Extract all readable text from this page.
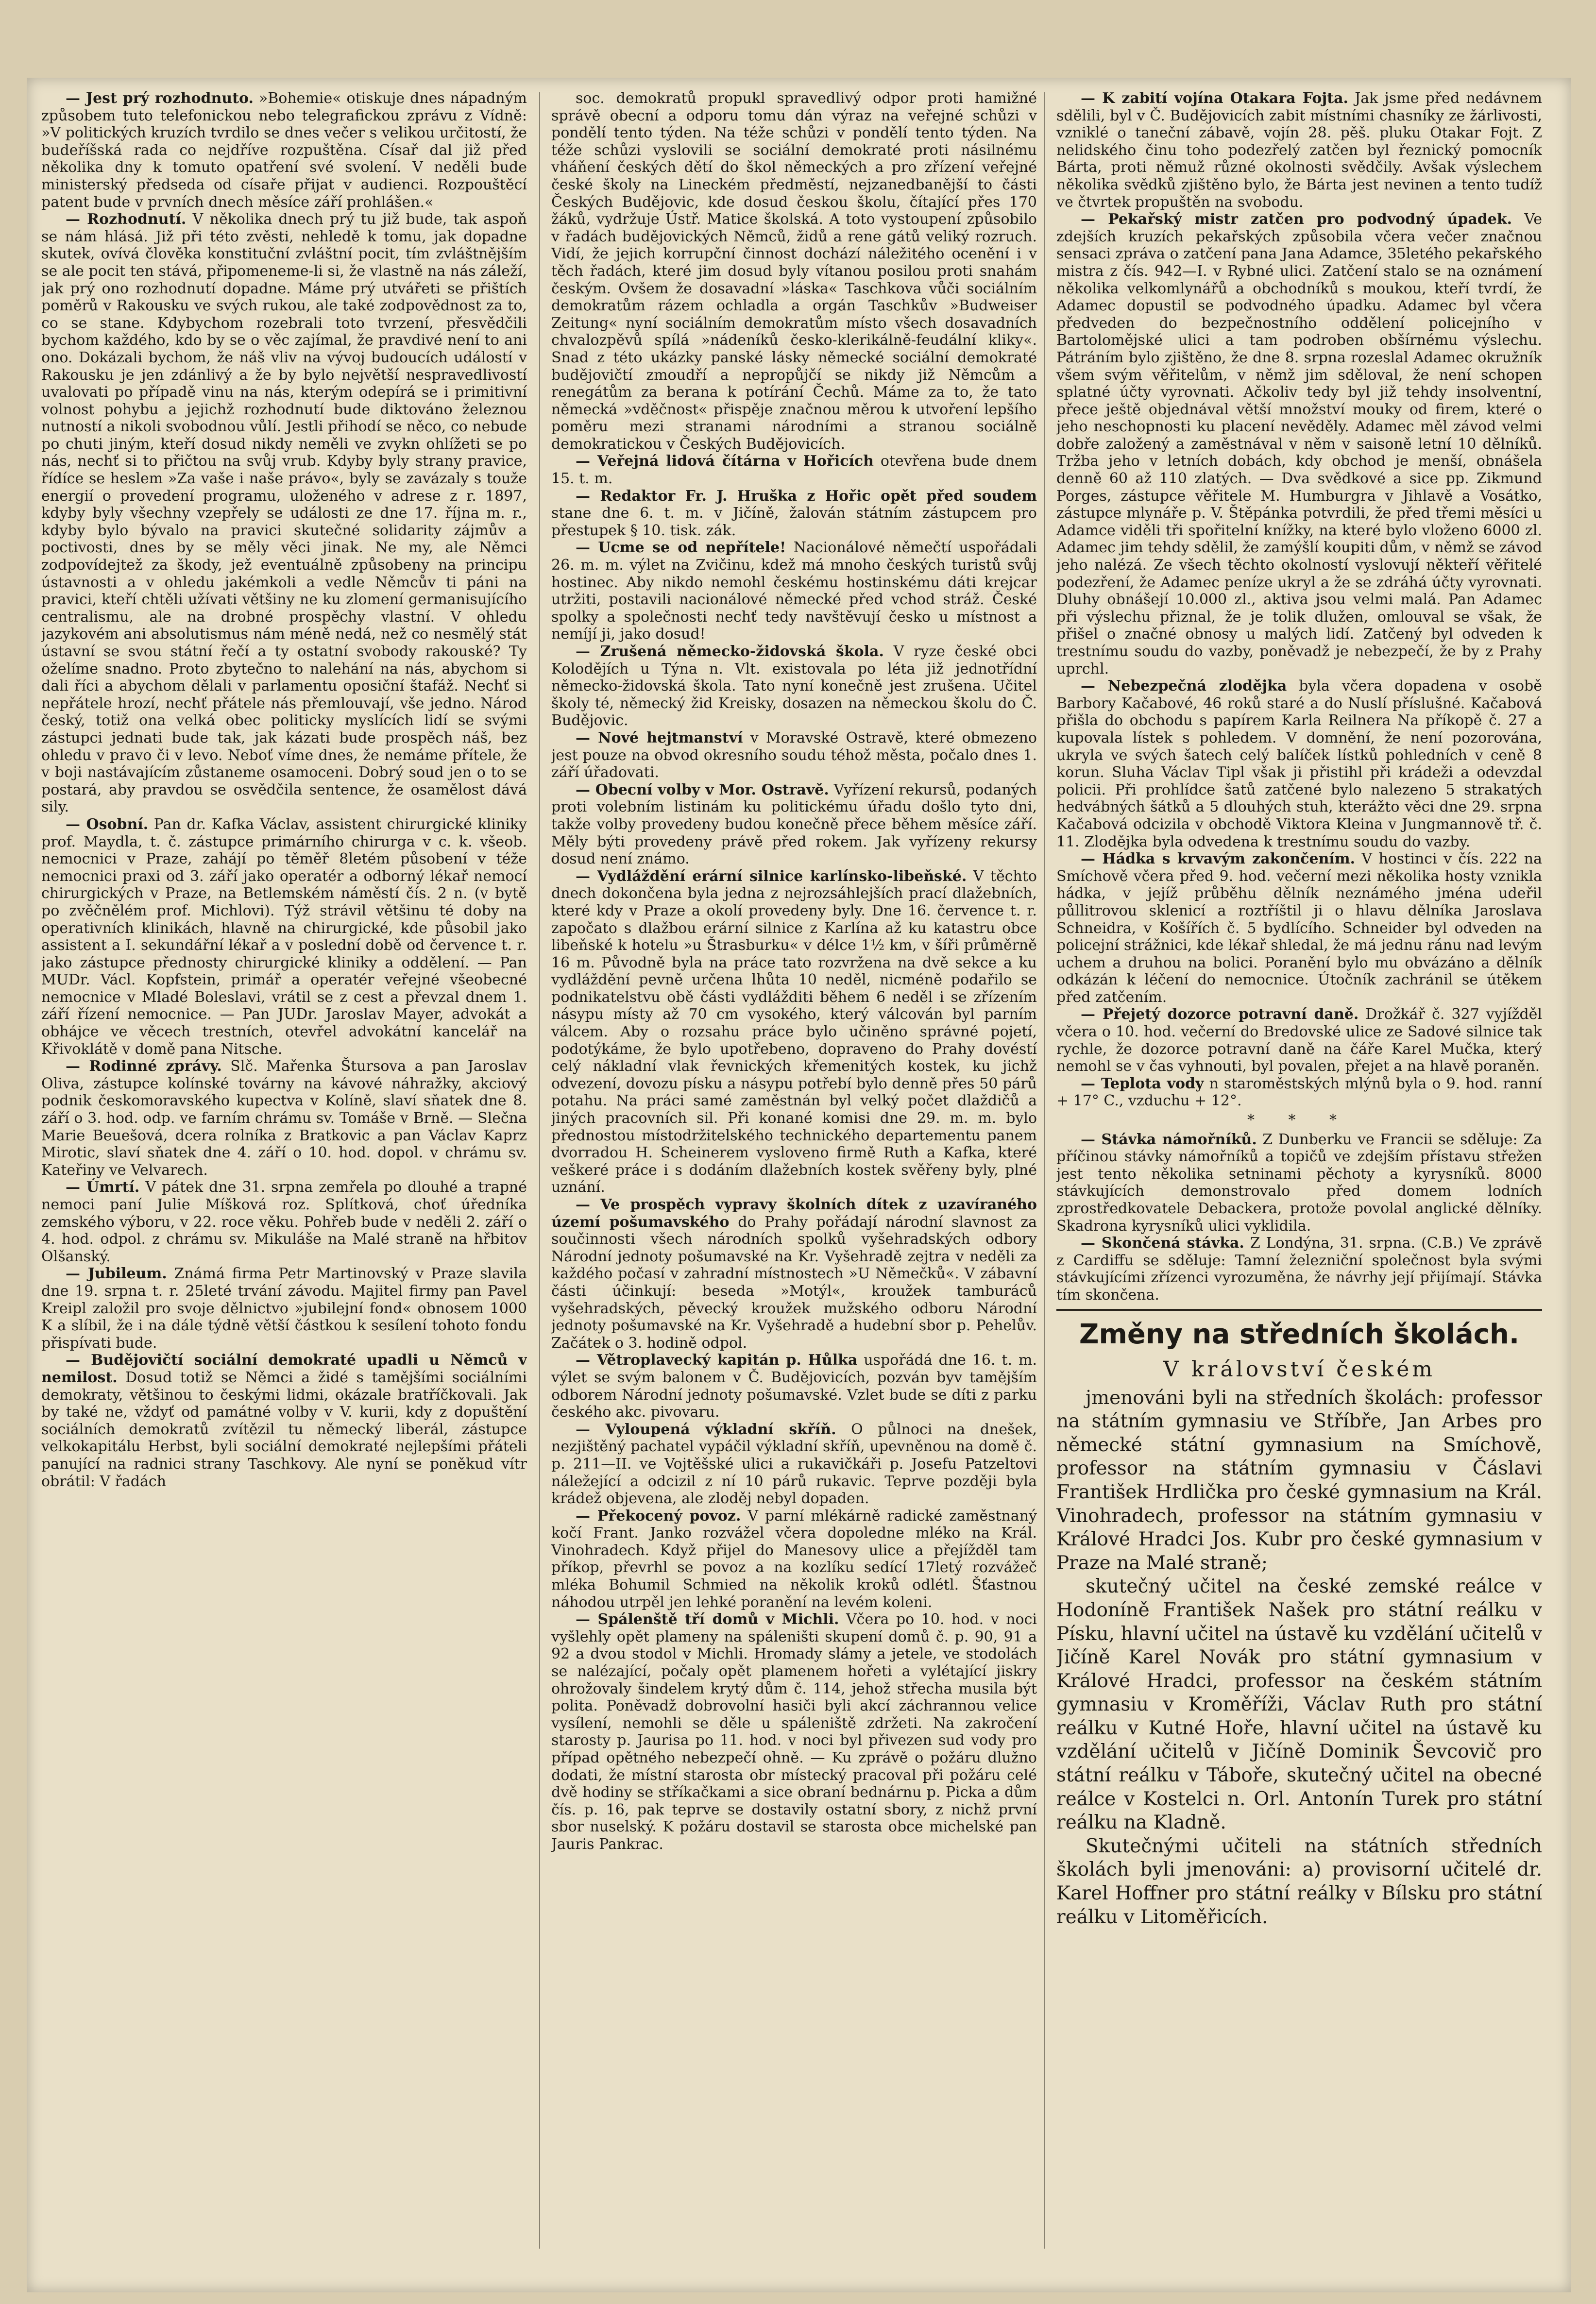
— Jest prý rozhodnuto. »Bohemie« otiskuje dnes nápadným způsobem tuto telefonickou nebo telegrafickou zprávu z Vídně: »V politických kruzích tvrdilo se dnes večer s velikou určitostí, že budeříšská rada co nejdříve rozpuštěna. Císař dal již před několika dny k tomuto opatření své svolení. V neděli bude ministerský předseda od císaře přijat v audienci. Rozpouštěcí patent bude v prvních dnech měsíce září prohlášen.«

— Rozhodnutí. V několika dnech prý tu již bude, tak aspoň se nám hlásá. Již při této zvěsti, nehledě k tomu, jak dopadne skutek, ovívá člověka konstituční zvláštní pocit, tím zvláštnějším se ale pocit ten stává, připomeneme-li si, že vlastně na nás záleží, jak prý ono rozhodnutí dopadne. Máme prý utvářeti se přištích poměrů v Rakousku ve svých rukou, ale také zodpovědnost za to, co se stane. Kdybychom rozebrali toto tvrzení, přesvědčili bychom každého, kdo by se o věc zajímal, že pravdivé není to ani ono. Dokázali bychom, že náš vliv na vývoj budoucích událostí v Rakousku je jen zdánlivý a že by bylo největší nespravedlivostí uvalovati po případě vinu na nás, kterým odepírá se i primitivní volnost pohybu a jejichž rozhodnutí bude diktováno železnou nutností a nikoli svobodnou vůlí. Jestli přihodí se něco, co nebude po chuti jiným, kteří dosud nikdy neměli ve zvykn ohlížeti se po nás, nechť si to přičtou na svůj vrub. Kdyby byly strany pravice, řídíce se heslem »Za vaše i naše právo«, byly se zavázaly s touže energií o provedení programu, uloženého v adrese z r. 1897, kdyby byly všechny vzepřely se události ze dne 17. října m. r., kdyby bylo bývalo na pravici skutečné solidarity zájmův a poctivosti, dnes by se měly věci jinak. Ne my, ale Němci zodpovídejtež za škody, jež eventuálně způsobeny na principu ústavnosti a v ohledu jakémkoli a vedle Němcův ti páni na pravici, kteří chtěli užívati většiny ne ku zlomení germanisujícího centralismu, ale na drobné prospěchy vlastní. V ohledu jazykovém ani absolutismus nám méně nedá, než co nesmělý stát ústavní se svou státní řečí a ty ostatní svobody rakouské? Ty oželíme snadno. Proto zbytečno to nalehání na nás, abychom si dali říci a abychom dělali v parlamentu oposiční štafáž. Nechť si nepřátele hrozí, nechť přátele nás přemlouvají, vše jedno. Národ český, totiž ona velká obec politicky myslících lidí se svými zástupci jednati bude tak, jak kázati bude prospěch náš, bez ohledu v pravo či v levo. Neboť víme dnes, že nemáme přítele, že v boji nastávajícím zůstaneme osamoceni. Dobrý soud jen o to se postará, aby pravdou se osvědčila sentence, že osamělost dává sily.

— Osobní. Pan dr. Kafka Václav, assistent chirurgické kliniky prof. Maydla, t. č. zástupce primárního chirurga v c. k. všeob. nemocnici v Praze, zahájí po těměř 8letém působení v téže nemocnici praxi od 3. září jako operatér a odborný lékař nemocí chirurgických v Praze, na Betlemském náměstí čís. 2 n. (v bytě po zvěčnělém prof. Michlovi). Týž strávil většinu té doby na operativních klinikách, hlavně na chirurgické, kde působil jako assistent a I. sekundářní lékař a v poslední době od července t. r. jako zástupce přednosty chirurgické kliniky a oddělení. — Pan MUDr. Václ. Kopfstein, primář a operatér veřejné všeobecné nemocnice v Mladé Boleslavi, vrátil se z cest a převzal dnem 1. září řízení nemocnice. — Pan JUDr. Jaroslav Mayer, advokát a obhájce ve věcech trestních, otevřel advokátní kancelář na Křivoklátě v domě pana Nitsche.

— Rodinné zprávy. Slč. Mařenka Štursova a pan Jaroslav Oliva, zástupce kolínské továrny na kávové náhražky, akciový podnik českomoravského kupectva v Kolíně, slaví sňatek dne 8. září o 3. hod. odp. ve farním chrámu sv. Tomáše v Brně. — Slečna Marie Beuešová, dcera rolníka z Bratkovic a pan Václav Kaprz Mirotic, slaví sňatek dne 4. září o 10. hod. dopol. v chrámu sv. Kateřiny ve Velvarech.

— Úmrtí. V pátek dne 31. srpna zemřela po dlouhé a trapné nemoci paní Julie Míšková roz. Splítková, choť úředníka zemského výboru, v 22. roce věku. Pohřeb bude v neděli 2. září o 4. hod. odpol. z chrámu sv. Mikuláše na Malé straně na hřbitov Olšanský.

— Jubileum. Známá firma Petr Martinovský v Praze slavila dne 19. srpna t. r. 25leté trvání závodu. Majitel firmy pan Pavel Kreipl založil pro svoje dělnictvo »jubilejní fond« obnosem 1000 K a slíbil, že i na dále týdně větší částkou k sesílení tohoto fondu přispívati bude.

— Budějovičtí sociální demokraté upadli u Němců v nemilost. Dosud totiž se Němci a židé s tamějšími sociálními demokraty, většinou to českými lidmi, okázale bratříčkovali. Jak by také ne, vždyť od památné volby v V. kurii, kdy z dopuštění sociálních demokratů zvítězil tu německý liberál, zástupce velkokapitálu Herbst, byli sociální demokraté nejlepšími přáteli panující na radnici strany Taschkovy. Ale nyní se poněkud vítr obrátil: V řadách

soc. demokratů propukl spravedlivý odpor proti hamižné správě obecní a odporu tomu dán výraz na veřejné schůzi v pondělí tento týden. Na téže schůzi v pondělí tento týden. Na téže schůzi vyslovili se sociální demokraté proti násilnému vháňení českých dětí do škol německých a pro zřízení veřejné české školy na Lineckém předměstí, nejzanedbanější to části Českých Budějovic, kde dosud českou školu, čítající přes 170 žáků, vydržuje Ústř. Matice školská. A toto vystoupení způsobilo v řadách budějovických Němců, židů a rene gátů veliký rozruch. Vidí, že jejich korrupční činnost dochází náležitého ocenění i v těch řadách, které jim dosud byly vítanou posilou proti snahám českým. Ovšem že dosavadní »láska« Taschkova vůči sociálním demokratům rázem ochladla a orgán Taschkův »Budweiser Zeitung« nyní sociálním demokratům místo všech dosavadních chvalozpěvů spílá »nádeníků česko-klerikálně-feudální kliky«. Snad z této ukázky panské lásky německé sociální demokraté budějovičtí zmoudří a nepropůjčí se nikdy již Němcům a renegátům za berana k potírání Čechů. Máme za to, že tato německá »vděčnost« přispěje značnou měrou k utvoření lepšího poměru mezi stranami národními a stranou sociálně demokratickou v Českých Budějovicích.

— Veřejná lidová čítárna v Hořicích otevřena bude dnem 15. t. m.

— Redaktor Fr. J. Hruška z Hořic opět před soudem stane dne 6. t. m. v Jičíně, žalován státním zástupcem pro přestupek § 10. tisk. zák.

— Ucme se od nepřítele! Nacionálové němečtí uspořádali 26. m. m. výlet na Zvičinu, kdež má mnoho českých turistů svůj hostinec. Aby nikdo nemohl českému hostinskému dáti krejcar utržiti, postavili nacionálové německé před vchod stráž. České spolky a společnosti nechť tedy navštěvují česko u místnost a nemíjí ji, jako dosud!

— Zrušená německo-židovská škola. V ryze české obci Kolodějích u Týna n. Vlt. existovala po léta již jednotřídní německo-židovská škola. Tato nyní konečně jest zrušena. Učitel školy té, německý žid Kreisky, dosazen na německou školu do Č. Budějovic.

— Nové hejtmanství v Moravské Ostravě, které obmezeno jest pouze na obvod okresního soudu téhož města, počalo dnes 1. září úřadovati.

— Obecní volby v Mor. Ostravě. Vyřízení rekursů, podaných proti volebním listinám ku politickému úřadu došlo tyto dni, takže volby provedeny budou konečně přece během měsíce září. Měly býti provedeny právě před rokem. Jak vyřízeny rekursy dosud není známo.

— Vydláždění erární silnice karlínsko-libeňské. V těchto dnech dokončena byla jedna z nejrozsáhlejších prací dlažebních, které kdy v Praze a okolí provedeny byly. Dne 16. července t. r. započato s dlažbou erární silnice z Karlína až ku katastru obce libeňské k hotelu »u Štrasburku« v délce 1½ km, v šíři průměrně 16 m. Původně byla na práce tato rozvržena na dvě sekce a ku vydláždění pevně určena lhůta 10 neděl, nicméně podařilo se podnikatelstvu obě části vydlážditi během 6 neděl i se zřízením násypu místy až 70 cm vysokého, který válcován byl parním válcem. Aby o rozsahu práce bylo učiněno správné pojetí, podotýkáme, že bylo upotřebeno, dopraveno do Prahy dovéstí celý nákladní vlak řevnických křemenitých kostek, ku jichž odvezení, dovozu písku a násypu potřebí bylo denně přes 50 párů potahu. Na práci samé zaměstnán byl velký počet dlaždičů a jiných pracovních sil. Při konané komisi dne 29. m. m. bylo přednostou místodržitelského technického departementu panem dvorradou H. Scheinerem vysloveno firmě Ruth a Kafka, které veškeré práce i s dodáním dlažebních kostek svěřeny byly, plné uznání.

— Ve prospěch vypravy školních dítek z uzavíraného území pošumavského do Prahy pořádají národní slavnost za součinnosti všech národních spolků vyšehradských odbory Národní jednoty pošumavské na Kr. Vyšehradě zejtra v neděli za každého počasí v zahradní místnostech »U Němečků«. V zábavní části účinkují: beseda »Motýl«, kroužek tamburáců vyšehradských, pěvecký kroužek mužského odboru Národní jednoty pošumavské na Kr. Vyšehradě a hudební sbor p. Pehelův. Začátek o 3. hodině odpol.

— Větroplavecký kapitán p. Hůlka uspořádá dne 16. t. m. výlet se svým balonem v Č. Budějovicích, pozván byv tamějším odborem Národní jednoty pošumavské. Vzlet bude se díti z parku českého akc. pivovaru.

— Vyloupená výkladní skříň. O půlnoci na dnešek, nezjištěný pachatel vypáčil výkladní skříň, upevněnou na domě č. p. 211—II. ve Vojtěšské ulici a rukavičkáři p. Josefu Patzeltovi náležející a odcizil z ní 10 párů rukavic. Teprve později byla krádež objevena, ale zloděj nebyl dopaden.

— Překocený povoz. V parní mlékárně radické zaměstnaný kočí Frant. Janko rozvážel včera dopoledne mléko na Král. Vinohradech. Když přijel do Manesovy ulice a přejížděl tam příkop, převrhl se povoz a na kozlíku sedící 17letý rozvážeč mléka Bohumil Schmied na několik kroků odlétl. Šťastnou náhodou utrpěl jen lehké poranění na levém koleni.

— Spálenště tří domů v Michli. Včera po 10. hod. v noci vyšlehly opět plameny na spáleništi skupení domů č. p. 90, 91 a 92 a dvou stodol v Michli. Hromady slámy a jetele, ve stodolách se nalézající, počaly opět plamenem hořeti a vylétající jiskry ohrožovaly šindelem krytý dům č. 114, jehož střecha musila být polita. Poněvadž dobrovolní hasiči byli akcí záchrannou velice vysílení, nemohli se děle u spáleniště zdržeti. Na zakročení starosty p. Jaurisa po 11. hod. v noci byl přivezen sud vody pro případ opětného nebezpečí ohně. — Ku zprávě o požáru dlužno dodati, že místní starosta obr místecký pracoval při požáru celé dvě hodiny se stříkačkami a sice obraní bednárnu p. Picka a dům čís. p. 16, pak teprve se dostavily ostatní sbory, z nichž první sbor nuselský. K požáru dostavil se starosta obce michelské pan Jauris Pankrac.

— K zabití vojína Otakara Fojta. Jak jsme před nedávnem sdělili, byl v Č. Budějovicích zabit místními chasníky ze žárlivosti, vzniklé o taneční zábavě, vojín 28. pěš. pluku Otakar Fojt. Z nelidského činu toho podezřelý zatčen byl řeznický pomocník Bárta, proti němuž různé okolnosti svědčily. Avšak výslechem několika svědků zjištěno bylo, že Bárta jest nevinen a tento tudíž ve čtvrtek propuštěn na svobodu.

— Pekařský mistr zatčen pro podvodný úpadek. Ve zdejších kruzích pekařských způsobila včera večer značnou sensaci zpráva o zatčení pana Jana Adamce, 35letého pekařského mistra z čís. 942—I. v Rybné ulici. Zatčení stalo se na oznámení několika velkomlynářů a obchodníků s moukou, kteří tvrdí, že Adamec dopustil se podvodného úpadku. Adamec byl včera předveden do bezpečnostního oddělení policejního v Bartolomějské ulici a tam podroben obšírnému výslechu. Pátráním bylo zjištěno, že dne 8. srpna rozeslal Adamec okružník všem svým věřitelům, v němž jim sděloval, že není schopen splatné účty vyrovnati. Ačkoliv tedy byl již tehdy insolventní, přece ještě objednával větší množství mouky od firem, které o jeho neschopnosti ku placení nevěděly. Adamec měl závod velmi dobře založený a zaměstnával v něm v saisoně letní 10 dělníků. Tržba jeho v letních dobách, kdy obchod je menší, obnášela denně 60 až 110 zlatých. — Dva svědkové a sice pp. Zikmund Porges, zástupce věřitele M. Humburgra v Jihlavě a Vosátko, zástupce mlynáře p. V. Štěpánka potvrdili, že před třemi měsíci u Adamce viděli tři spořitelní knížky, na které bylo vloženo 6000 zl. Adamec jim tehdy sdělil, že zamýšlí koupiti dům, v němž se závod jeho nalézá. Ze všech těchto okolností vyslovují někteří věřitelé podezření, že Adamec peníze ukryl a že se zdráhá účty vyrovnati. Dluhy obnášejí 10.000 zl., aktiva jsou velmi malá. Pan Adamec při výslechu přiznal, že je tolik dlužen, omlouval se však, že přišel o značné obnosy u malých lidí. Zatčený byl odveden k trestnímu soudu do vazby, poněvadž je nebezpečí, že by z Prahy uprchl.

— Nebezpečná zlodějka byla včera dopadena v osobě Barbory Kačabové, 46 roků staré a do Nuslí příslušné. Kačabová přišla do obchodu s papírem Karla Reilnera Na příkopě č. 27 a kupovala lístek s pohledem. V domnění, že není pozorována, ukryla ve svých šatech celý balíček lístků pohledních v ceně 8 korun. Sluha Václav Tipl však ji přistihl při krádeži a odevzdal policii. Při prohlídce šatů zatčené bylo nalezeno 5 strakatých hedvábných šátků a 5 dlouhých stuh, kterážto věci dne 29. srpna Kačabová odcizila v obchodě Viktora Kleina v Jungmannově tř. č. 11. Zlodějka byla odvedena k trestnímu soudu do vazby.

— Hádka s krvavým zakončením. V hostinci v čís. 222 na Smíchově včera před 9. hod. večerní mezi několika hosty vznikla hádka, v jejíž průběhu dělník neznámého jména udeřil půllitrovou sklenicí a roztříštil ji o hlavu dělníka Jaroslava Schneidra, v Košířích č. 5 bydlícího. Schneider byl odveden na policejní strážnici, kde lékař shledal, že má jednu ránu nad levým uchem a druhou na bolici. Poranění bylo mu obvázáno a dělník odkázán k léčení do nemocnice. Útočník zachránil se útěkem před zatčením.

— Přejetý dozorce potravní daně. Drožkář č. 327 vyjížděl včera o 10. hod. večerní do Bredovské ulice ze Sadové silnice tak rychle, že dozorce potravní daně na čáře Karel Mučka, který nemohl se v čas vyhnouti, byl povalen, přejet a na hlavě poraněn.

— Teplota vody n staroměstských mlýnů byla o 9. hod. ranní + 17° C., vzduchu + 12°.

* * *

— Stávka námořníků. Z Dunberku ve Francii se sděluje: Za příčinou stávky námořníků a topičů ve zdejším přístavu střežen jest tento několika setninami pěchoty a kyrysníků. 8000 stávkujících demonstrovalo před domem lodních zprostředkovatele Debackera, protože povolal anglické dělníky. Skadrona kyrysníků ulici vyklidila.

— Skončená stávka. Z Londýna, 31. srpna. (C.B.) Ve zprávě z Cardiffu se sděluje: Tamní železniční společnost byla svými stávkujícími zřízenci vyrozuměna, že návrhy její přijímají. Stávka tím skončena.

Změny na středních školách.
V království českém

jmenováni byli na středních školách: professor na státním gymnasiu ve Stříbře, Jan Arbes pro německé státní gymnasium na Smíchově, professor na státním gymnasiu v Čáslavi František Hrdlička pro české gymnasium na Král. Vinohradech, professor na státním gymnasiu v Králové Hradci Jos. Kubr pro české gymnasium v Praze na Malé straně;

skutečný učitel na české zemské reálce v Hodoníně František Našek pro státní reálku v Písku, hlavní učitel na ústavě ku vzdělání učitelů v Jičíně Karel Novák pro státní gymnasium v Králové Hradci, professor na českém státním gymnasiu v Kroměříži, Václav Ruth pro státní reálku v Kutné Hoře, hlavní učitel na ústavě ku vzdělání učitelů v Jičíně Dominik Ševcovič pro státní reálku v Táboře, skutečný učitel na obecné reálce v Kostelci n. Orl. Antonín Turek pro státní reálku na Kladně.

Skutečnými učiteli na státních středních školách byli jmenováni: a) provisorní učitelé dr. Karel Hoffner pro státní reálky v Bílsku pro státní reálku v Litoměřicích.
